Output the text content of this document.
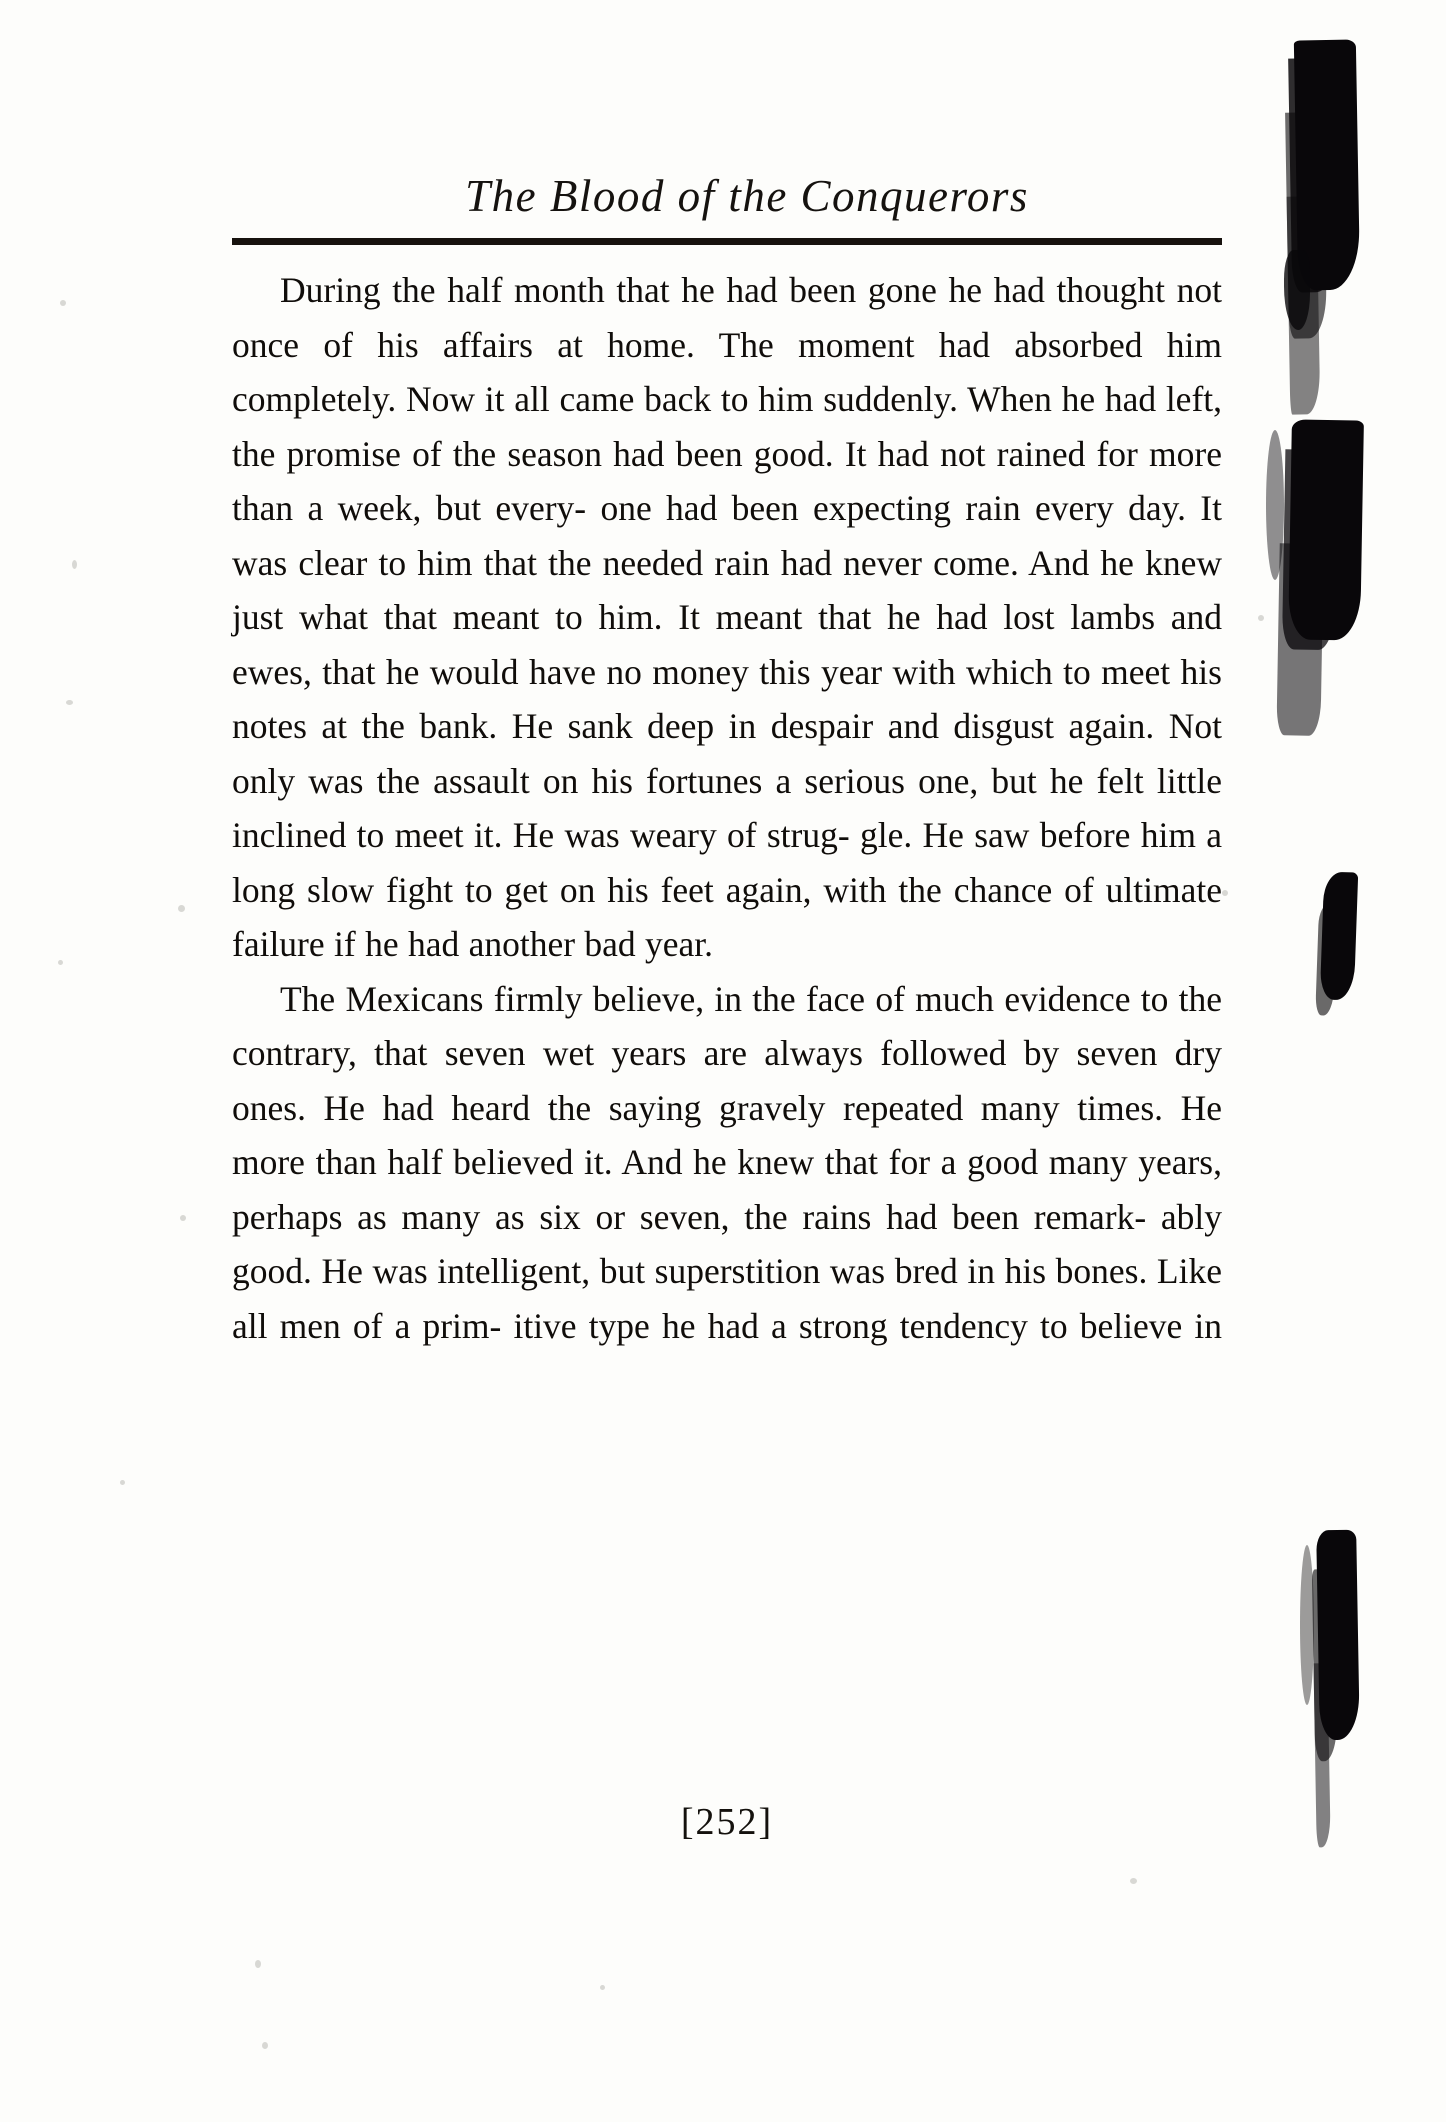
The Blood of the Conquerors

During the half month that he had been gone he had thought not once of his affairs at home. The moment had absorbed him completely. Now it all came back to him suddenly. When he had left, the promise of the season had been good. It had not rained for more than a week, but every- one had been expecting rain every day. It was clear to him that the needed rain had never come. And he knew just what that meant to him. It meant that he had lost lambs and ewes, that he would have no money this year with which to meet his notes at the bank. He sank deep in despair and disgust again. Not only was the assault on his fortunes a serious one, but he felt little inclined to meet it. He was weary of strug- gle. He saw before him a long slow fight to get on his feet again, with the chance of ultimate failure if he had another bad year.

The Mexicans firmly believe, in the face of much evidence to the contrary, that seven wet years are always followed by seven dry ones. He had heard the saying gravely repeated many times. He more than half believed it. And he knew that for a good many years, perhaps as many as six or seven, the rains had been remark- ably good. He was intelligent, but superstition was bred in his bones. Like all men of a prim- itive type he had a strong tendency to believe in

[252]
